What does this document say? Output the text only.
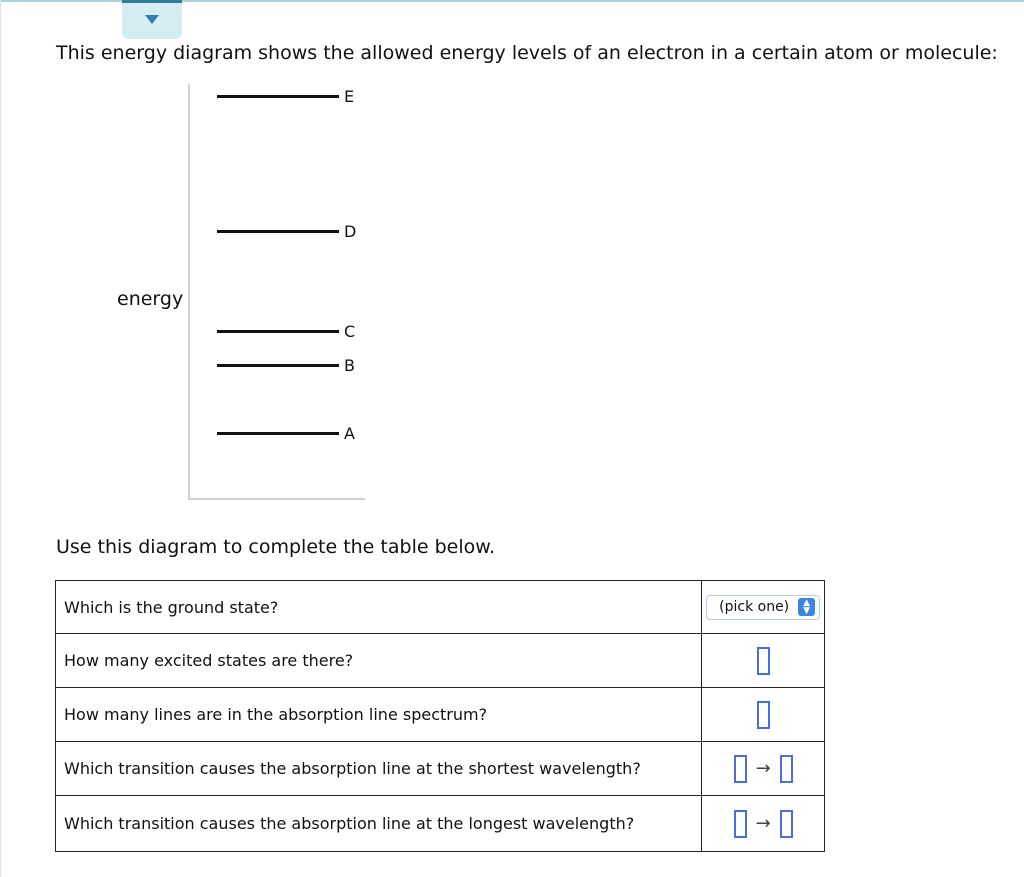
This energy diagram shows the allowed energy levels of an electron in a certain atom or molecule:
energy
E
D
C
B
A
Use this diagram to complete the table below.
Which is the ground state?	(pick one) ▲
▼

How many excited states are there?	
How many lines are in the absorption line spectrum?	
Which transition causes the absorption line at the shortest wavelength?	→
Which transition causes the absorption line at the longest wavelength?	→
